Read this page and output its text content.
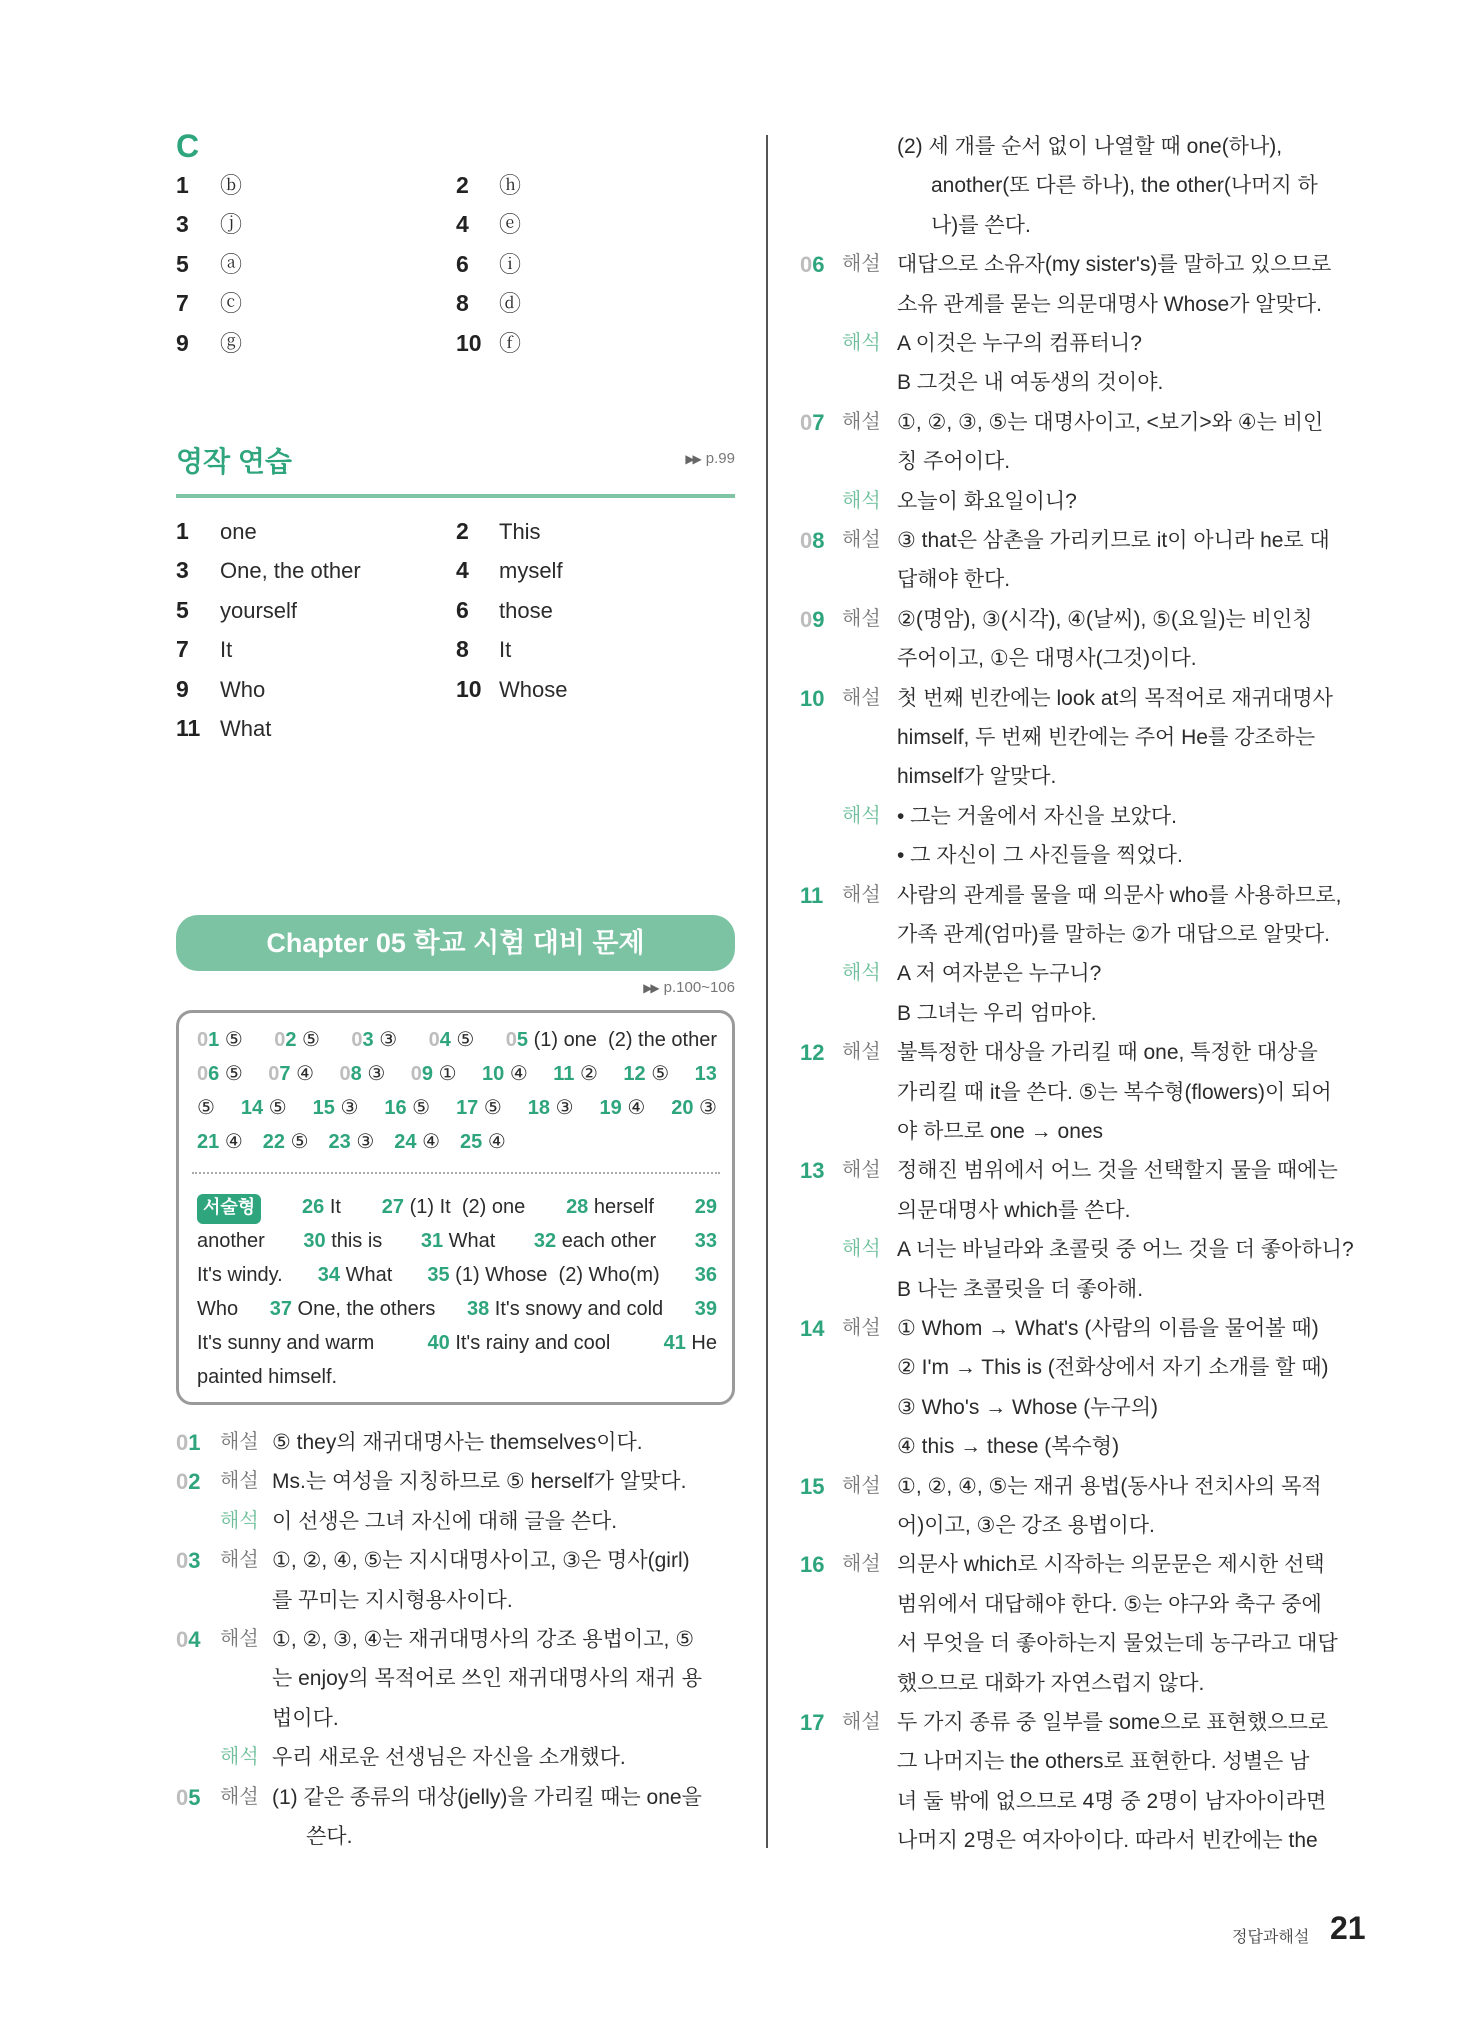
C
1 ⓑ	2 ⓗ
3 ⓙ	4 ⓔ
5 ⓐ	6 ⓘ
7 ⓒ	8 ⓓ
9 ⓖ	10 ⓕ
영작 연습	▶▶ p.99
1 one	2 This
3 One, the other	4 myself
5 yourself	6 those
7 It	8 It
9 Who	10 Whose
11 What
Chapter 05 학교 시험 대비 문제
▶▶ p.100~106
01 ⑤ 02 ⑤ 03 ③ 04 ⑤ 05 (1) one  (2) the other
06 ⑤ 07 ④ 08 ③ 09 ① 10 ④ 11 ② 12 ⑤ 13
⑤ 14 ⑤ 15 ③ 16 ⑤ 17 ⑤ 18 ③ 19 ④ 20 ③
21 ④ 22 ⑤ 23 ③ 24 ④ 25 ④
서술형	26 It 27 (1) It  (2) one 28 herself 29
another 30 this is 31 What 32 each other 33
It's windy. 34 What 35 (1) Whose  (2) Who(m) 36
Who 37 One, the others 38 It's snowy and cold 39
It's sunny and warm	40 It's rainy and cool	41 He
painted himself.
01 해설 ⑤ they의 재귀대명사는 themselves이다.
02 해설 Ms.는 여성을 지칭하므로 ⑤ herself가 알맞다.
해석 이 선생은 그녀 자신에 대해 글을 쓴다.
03 해설 ①, ②, ④, ⑤는 지시대명사이고, ③은 명사(girl)
를 꾸미는 지시형용사이다.
04 해설 ①, ②, ③, ④는 재귀대명사의 강조 용법이고, ⑤
는 enjoy의 목적어로 쓰인 재귀대명사의 재귀 용
법이다.
해석 우리 새로운 선생님은 자신을 소개했다.
05 해설 (1) 같은 종류의 대상(jelly)을 가리킬 때는 one을
쓴다.
(2) 세 개를 순서 없이 나열할 때 one(하나),
another(또 다른 하나), the other(나머지 하
나)를 쓴다.
06 해설 대답으로 소유자(my sister's)를 말하고 있으므로
소유 관계를 묻는 의문대명사 Whose가 알맞다.
해석 A 이것은 누구의 컴퓨터니?
B 그것은 내 여동생의 것이야.
07 해설 ①, ②, ③, ⑤는 대명사이고, <보기>와 ④는 비인
칭 주어이다.
해석 오늘이 화요일이니?
08 해설 ③ that은 삼촌을 가리키므로 it이 아니라 he로 대
답해야 한다.
09 해설 ②(명암), ③(시각), ④(날씨), ⑤(요일)는 비인칭
주어이고, ①은 대명사(그것)이다.
10 해설 첫 번째 빈칸에는 look at의 목적어로 재귀대명사
himself, 두 번째 빈칸에는 주어 He를 강조하는
himself가 알맞다.
해석 • 그는 거울에서 자신을 보았다.
• 그 자신이 그 사진들을 찍었다.
11 해설 사람의 관계를 물을 때 의문사 who를 사용하므로,
가족 관계(엄마)를 말하는 ②가 대답으로 알맞다.
해석 A 저 여자분은 누구니?
B 그녀는 우리 엄마야.
12 해설 불특정한 대상을 가리킬 때 one, 특정한 대상을
가리킬 때 it을 쓴다. ⑤는 복수형(flowers)이 되어
야 하므로 one → ones
13 해설 정해진 범위에서 어느 것을 선택할지 물을 때에는
의문대명사 which를 쓴다.
해석 A 너는 바닐라와 초콜릿 중 어느 것을 더 좋아하니?
B 나는 초콜릿을 더 좋아해.
14 해설 ① Whom → What's (사람의 이름을 물어볼 때)
② I'm → This is (전화상에서 자기 소개를 할 때)
③ Who's → Whose (누구의)
④ this → these (복수형)
15 해설 ①, ②, ④, ⑤는 재귀 용법(동사나 전치사의 목적
어)이고, ③은 강조 용법이다.
16 해설 의문사 which로 시작하는 의문문은 제시한 선택
범위에서 대답해야 한다. ⑤는 야구와 축구 중에
서 무엇을 더 좋아하는지 물었는데 농구라고 대답
했으므로 대화가 자연스럽지 않다.
17 해설 두 가지 종류 중 일부를 some으로 표현했으므로
그 나머지는 the others로 표현한다. 성별은 남
녀 둘 밖에 없으므로 4명 중 2명이 남자아이라면
나머지 2명은 여자아이다. 따라서 빈칸에는 the
정답과해설 21
